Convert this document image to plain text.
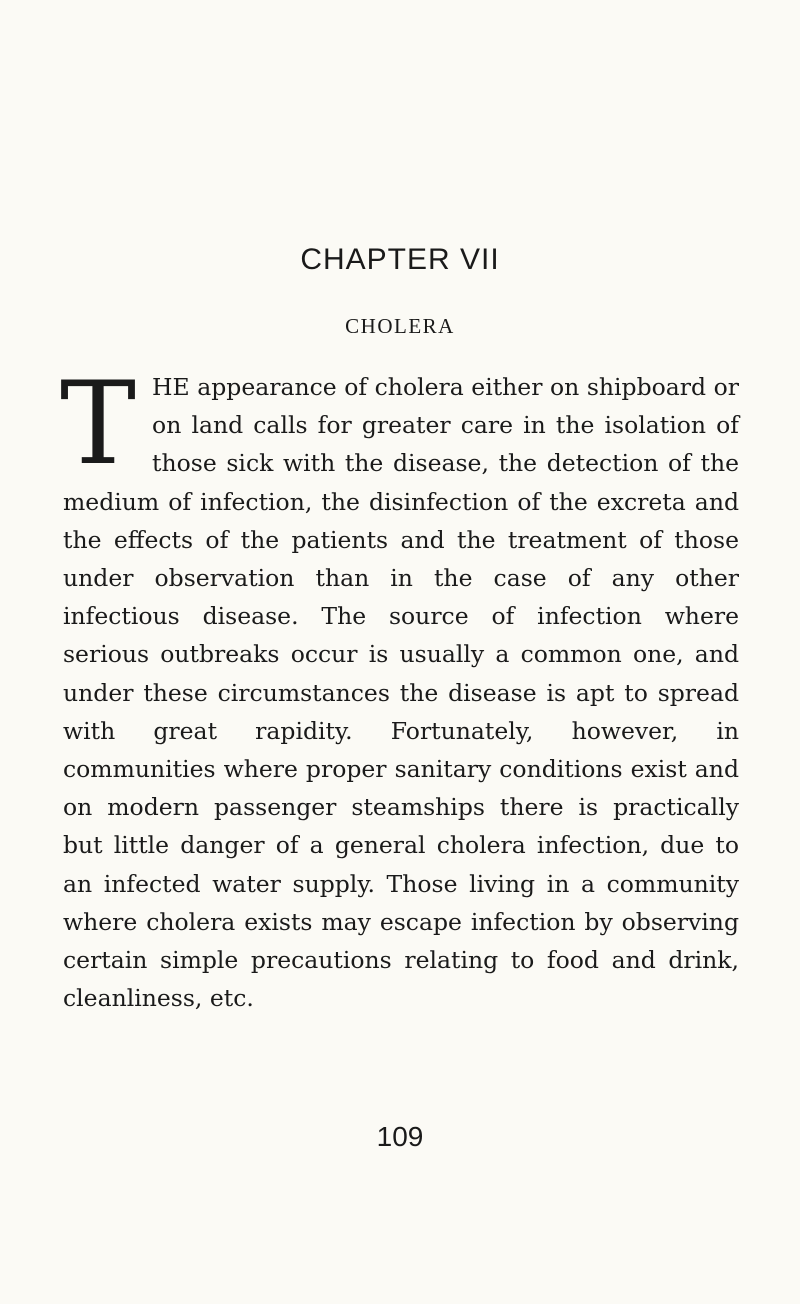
CHAPTER VII
CHOLERA
T HE appearance of cholera either on shipboard or on land calls for greater care in the isolation of those sick with the disease, the detection of the medium of infection, the disinfection of the excreta and the effects of the patients and the treatment of those under observation than in the case of any other infectious disease. The source of infection where serious outbreaks occur is usually a common one, and under these circumstances the disease is apt to spread with great rapidity. Fortunately, however, in communities where proper sanitary conditions exist and on modern passenger steamships there is practically but little danger of a general cholera infection, due to an infected water supply. Those living in a community where cholera exists may escape infection by observing certain simple precautions relating to food and drink, cleanliness, etc.
109
